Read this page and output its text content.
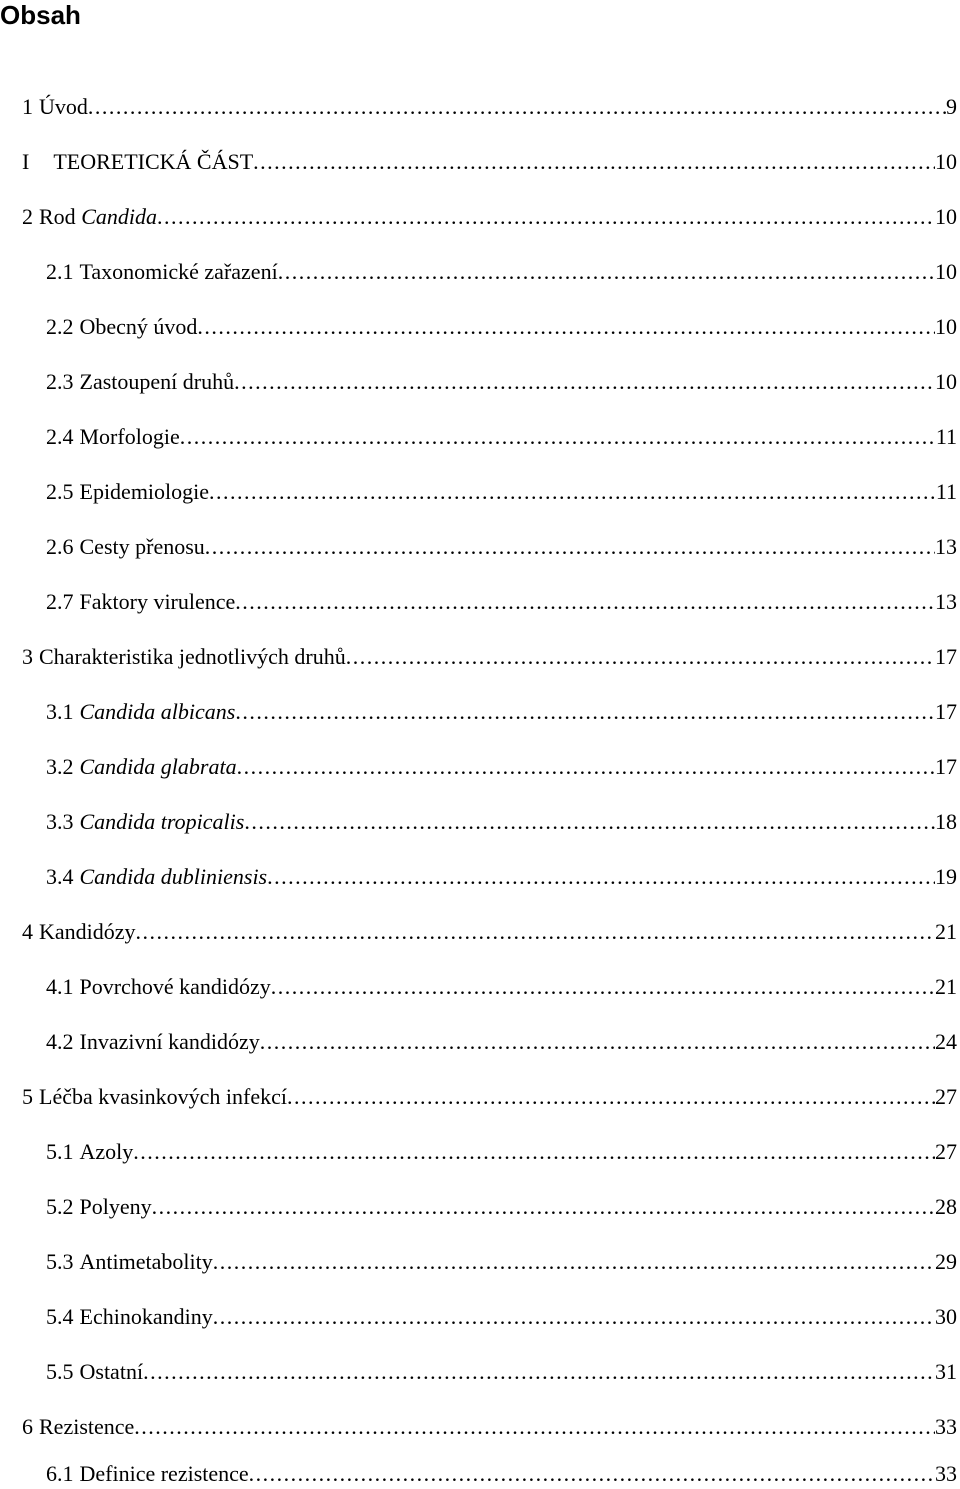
Obsah
1 Úvod . . .	9
I TEORETICKÁ ČÁST . . .	10
2 Rod Candida . . .	10
2.1 Taxonomické zařazení . . .	10
2.2 Obecný úvod . . .	10
2.3 Zastoupení druhů . . .	10
2.4 Morfologie . . .	11
2.5 Epidemiologie . . .	11
2.6 Cesty přenosu . . .	13
2.7 Faktory virulence . . .	13
3 Charakteristika jednotlivých druhů . . .	17
3.1 Candida albicans . . .	17
3.2 Candida glabrata . . .	17
3.3 Candida tropicalis . . .	18
3.4 Candida dubliniensis . . .	19
4 Kandidózy . . .	21
4.1 Povrchové kandidózy . . .	21
4.2 Invazivní kandidózy . . .	24
5 Léčba kvasinkových infekcí . . .	27
5.1 Azoly . . .	27
5.2 Polyeny . . .	28
5.3 Antimetabolity . . .	29
5.4 Echinokandiny . . .	30
5.5 Ostatní . . .	31
6 Rezistence . . .	33
6.1 Definice rezistence . . .	33
